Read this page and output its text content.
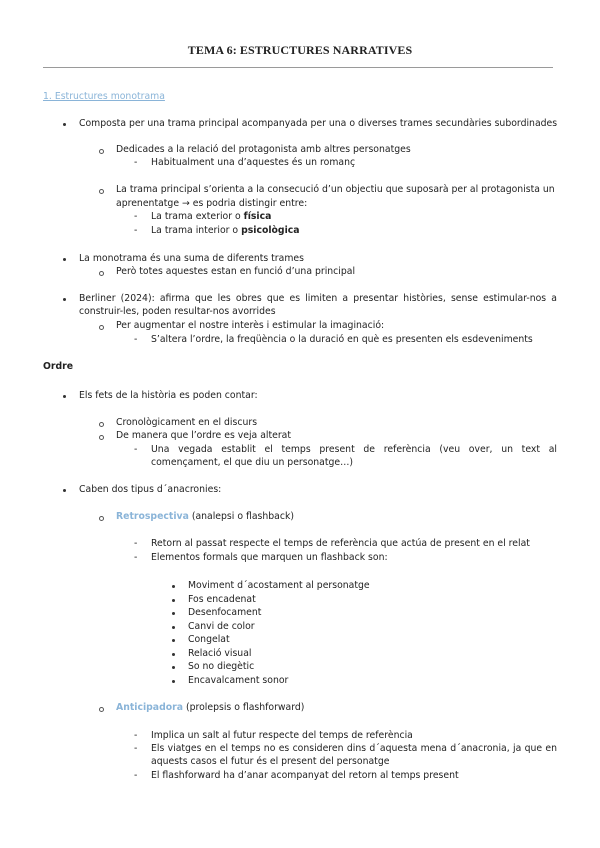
TEMA 6: ESTRUCTURES NARRATIVES
1. Estructures monotrama
Composta per una trama principal acompanyada per una o diverses trames secundàries subordinades
Dedicades a la relació del protagonista amb altres personatges
- Habitualment una d’aquestes és un romanç
La trama principal s’orienta a la consecució d’un objectiu que suposarà per al protagonista un
aprenentatge → es podria distingir entre:
- La trama exterior o física
- La trama interior o psicològica
La monotrama és una suma de diferents trames
Però totes aquestes estan en funció d’una principal
Berliner (2024): afirma que les obres que es limiten a presentar històries, sense estimular-nos a construir-les, poden resultar-nos avorrides
Per augmentar el nostre interès i estimular la imaginació:
- S’altera l’ordre, la freqüència o la duració en què es presenten els esdeveniments
Ordre
Els fets de la història es poden contar:
Cronològicament en el discurs
De manera que l’ordre es veja alterat
- Una vegada establit el temps present de referència (veu over, un text al començament, el que diu un personatge…)
Caben dos tipus d´anacronies:
Retrospectiva (analepsi o flashback)
- Retorn al passat respecte el temps de referència que actúa de present en el relat
- Elementos formals que marquen un flashback son:
Moviment d´acostament al personatge
Fos encadenat
Desenfocament
Canvi de color
Congelat
Relació visual
So no diegètic
Encavalcament sonor
Anticipadora (prolepsis o flashforward)
- Implica un salt al futur respecte del temps de referència
- Els viatges en el temps no es consideren dins d´aquesta mena d´anacronia, ja que en aquests casos el futur és el present del personatge
- El flashforward ha d’anar acompanyat del retorn al temps present
